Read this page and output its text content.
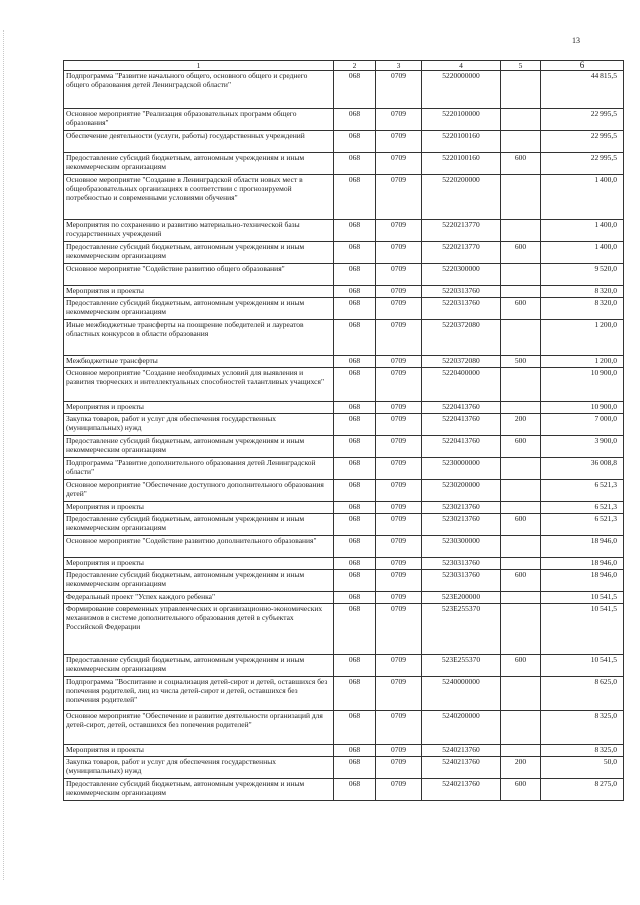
13
1	2	3	4	5	6
Подпрограмма "Развитие начального общего, основного общего и среднего общего образования детей Ленинградской области"	068	0709	5220000000		44 815,5
Основное мероприятие "Реализация образовательных программ общего образования"	068	0709	5220100000		22 995,5
Обеспечение деятельности (услуги, работы) государственных учреждений	068	0709	5220100160		22 995,5
Предоставление субсидий бюджетным, автономным учреждениям и иным некоммерческим организациям	068	0709	5220100160	600	22 995,5
Основное мероприятие "Создание в Ленинградской области новых мест в общеобразовательных организациях в соответствии с прогнозируемой потребностью и современными условиями обучения"	068	0709	5220200000		1 400,0
Мероприятия по сохранению и развитию материально-технической базы государственных учреждений	068	0709	5220213770		1 400,0
Предоставление субсидий бюджетным, автономным учреждениям и иным некоммерческим организациям	068	0709	5220213770	600	1 400,0
Основное мероприятие "Содействие развитию общего образования"	068	0709	5220300000		9 520,0
Мероприятия и проекты	068	0709	5220313760		8 320,0
Предоставление субсидий бюджетным, автономным учреждениям и иным некоммерческим организациям	068	0709	5220313760	600	8 320,0
Иные межбюджетные трансферты на поощрение победителей и лауреатов областных конкурсов в области образования	068	0709	5220372080		1 200,0
Межбюджетные трансферты	068	0709	5220372080	500	1 200,0
Основное мероприятие "Создание необходимых условий для выявления и развития творческих и интеллектуальных способностей талантливых учащихся"	068	0709	5220400000		10 900,0
Мероприятия и проекты	068	0709	5220413760		10 900,0
Закупка товаров, работ и услуг для обеспечения государственных (муниципальных) нужд	068	0709	5220413760	200	7 000,0
Предоставление субсидий бюджетным, автономным учреждениям и иным некоммерческим организациям	068	0709	5220413760	600	3 900,0
Подпрограмма "Развитие дополнительного образования детей Ленинградской области"	068	0709	5230000000		36 008,8
Основное мероприятие "Обеспечение доступного дополнительного образования детей"	068	0709	5230200000		6 521,3
Мероприятия и проекты	068	0709	5230213760		6 521,3
Предоставление субсидий бюджетным, автономным учреждениям и иным некоммерческим организациям	068	0709	5230213760	600	6 521,3
Основное мероприятие "Содействие развитию дополнительного образования"	068	0709	5230300000		18 946,0
Мероприятия и проекты	068	0709	5230313760		18 946,0
Предоставление субсидий бюджетным, автономным учреждениям и иным некоммерческим организациям	068	0709	5230313760	600	18 946,0
Федеральный проект "Успех каждого ребенка"	068	0709	523E200000		10 541,5
Формирование современных управленческих и организационно-экономических механизмов в системе дополнительного образования детей в субъектах Российской Федерации	068	0709	523E255370		10 541,5
Предоставление субсидий бюджетным, автономным учреждениям и иным некоммерческим организациям	068	0709	523E255370	600	10 541,5
Подпрограмма "Воспитание и социализация детей-сирот и детей, оставшихся без попечения родителей, лиц из числа детей-сирот и детей, оставшихся без попечения родителей"	068	0709	5240000000		8 625,0
Основное мероприятие "Обеспечение и развитие деятельности организаций для детей-сирот, детей, оставшихся без попечения родителей"	068	0709	5240200000		8 325,0
Мероприятия и проекты	068	0709	5240213760		8 325,0
Закупка товаров, работ и услуг для обеспечения государственных (муниципальных) нужд	068	0709	5240213760	200	50,0
Предоставление субсидий бюджетным, автономным учреждениям и иным некоммерческим организациям	068	0709	5240213760	600	8 275,0
